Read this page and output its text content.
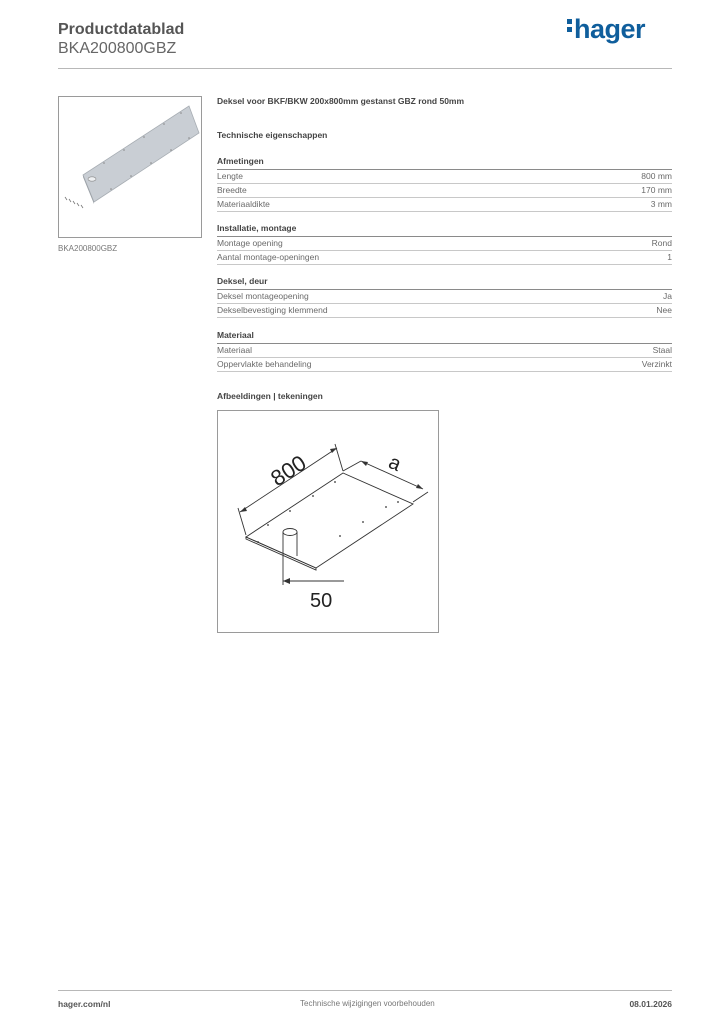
Productdatablad
BKA200800GBZ
hager
BKA200800GBZ
Deksel voor BKF/BKW 200x800mm gestanst GBZ rond 50mm
Technische eigenschappen
Afmetingen
Lengte	800 mm
Breedte	170 mm
Materiaaldikte	3 mm
Installatie, montage
Montage opening	Rond
Aantal montage-openingen	1
Deksel, deur
Deksel montageopening	Ja
Dekselbevestiging klemmend	Nee
Materiaal
Materiaal	Staal
Oppervlakte behandeling	Verzinkt
Afbeeldingen | tekeningen
800	a
50
hager.com/nl	Technische wijzigingen voorbehouden	08.01.2026
